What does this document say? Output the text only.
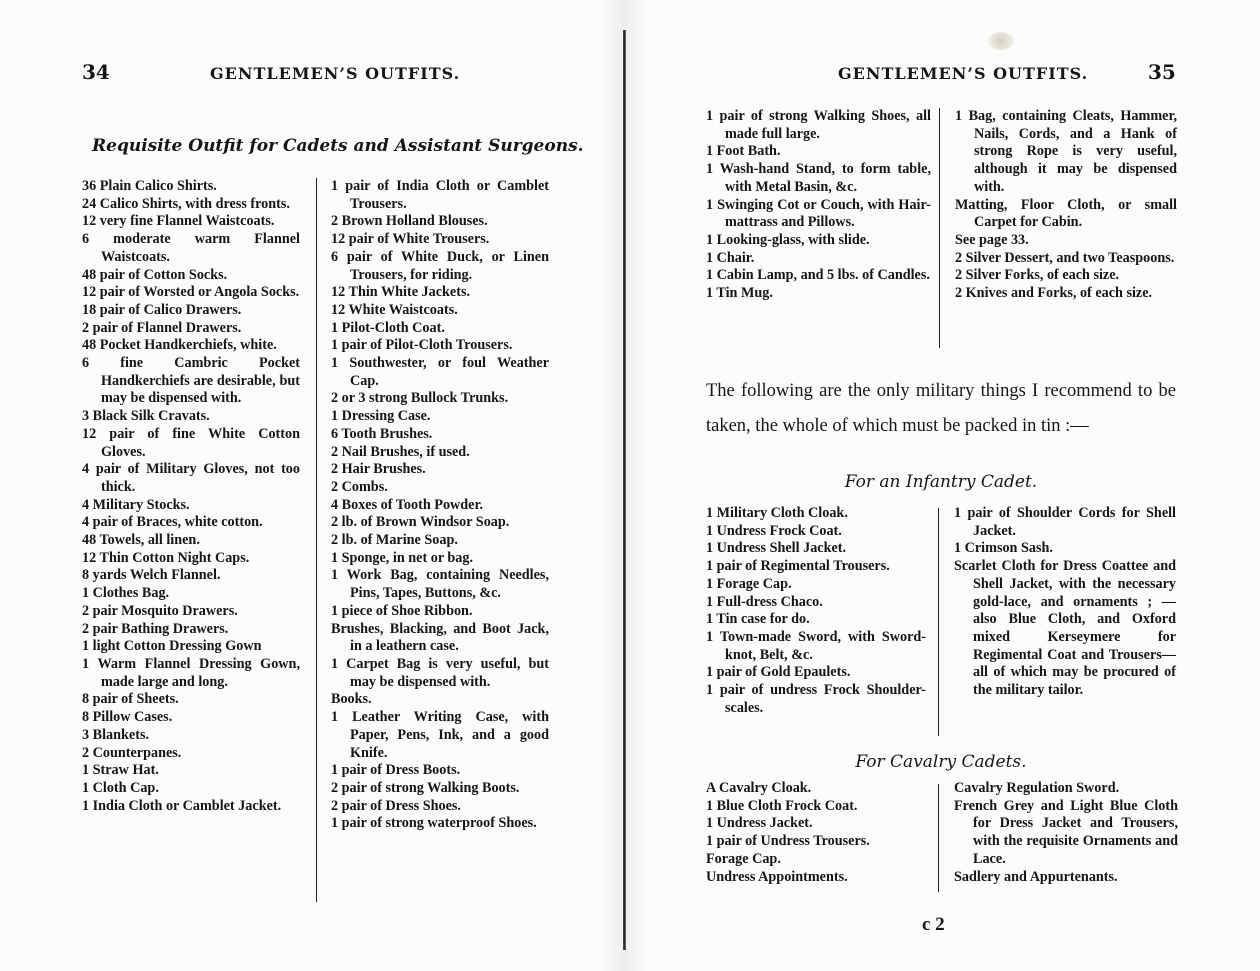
34	GENTLEMEN’S OUTFITS.
Requisite Outfit for Cadets and Assistant Surgeons.
36 Plain Calico Shirts.
24 Calico Shirts, with dress fronts.
12 very fine Flannel Waistcoats.
6 moderate warm Flannel Waistcoats.
48 pair of Cotton Socks.
12 pair of Worsted or Angola Socks.
18 pair of Calico Drawers.
2 pair of Flannel Drawers.
48 Pocket Handkerchiefs, white.
6 fine Cambric Pocket Handkerchiefs are desirable, but may be dispensed with.
3 Black Silk Cravats.
12 pair of fine White Cotton Gloves.
4 pair of Military Gloves, not too thick.
4 Military Stocks.
4 pair of Braces, white cotton.
48 Towels, all linen.
12 Thin Cotton Night Caps.
8 yards Welch Flannel.
1 Clothes Bag.
2 pair Mosquito Drawers.
2 pair Bathing Drawers.
1 light Cotton Dressing Gown
1 Warm Flannel Dressing Gown, made large and long.
8 pair of Sheets.
8 Pillow Cases.
3 Blankets.
2 Counterpanes.
1 Straw Hat.
1 Cloth Cap.
1 India Cloth or Camblet Jacket.
1 pair of India Cloth or Camblet Trousers.
2 Brown Holland Blouses.
12 pair of White Trousers.
6 pair of White Duck, or Linen Trousers, for riding.
12 Thin White Jackets.
12 White Waistcoats.
1 Pilot-Cloth Coat.
1 pair of Pilot-Cloth Trousers.
1 Southwester, or foul Weather Cap.
2 or 3 strong Bullock Trunks.
1 Dressing Case.
6 Tooth Brushes.
2 Nail Brushes, if used.
2 Hair Brushes.
2 Combs.
4 Boxes of Tooth Powder.
2 lb. of Brown Windsor Soap.
2 lb. of Marine Soap.
1 Sponge, in net or bag.
1 Work Bag, containing Needles, Pins, Tapes, Buttons, &c.
1 piece of Shoe Ribbon.
Brushes, Blacking, and Boot Jack, in a leathern case.
1 Carpet Bag is very useful, but may be dispensed with.
Books.
1 Leather Writing Case, with Paper, Pens, Ink, and a good Knife.
1 pair of Dress Boots.
2 pair of strong Walking Boots.
2 pair of Dress Shoes.
1 pair of strong waterproof Shoes.
GENTLEMEN’S OUTFITS.	35
1 pair of strong Walking Shoes, all made full large.
1 Foot Bath.
1 Wash-hand Stand, to form table, with Metal Basin, &c.
1 Swinging Cot or Couch, with Hair-mattrass and Pillows.
1 Looking-glass, with slide.
1 Chair.
1 Cabin Lamp, and 5 lbs. of Candles.
1 Tin Mug.
1 Bag, containing Cleats, Hammer, Nails, Cords, and a Hank of strong Rope is very useful, although it may be dispensed with.
Matting, Floor Cloth, or small Carpet for Cabin.
See page 33.
2 Silver Dessert, and two Teaspoons.
2 Silver Forks, of each size.
2 Knives and Forks, of each size.
The following are the only military things I recommend to be taken, the whole of which must be packed in tin :—
For an Infantry Cadet.
1 Military Cloth Cloak.
1 Undress Frock Coat.
1 Undress Shell Jacket.
1 pair of Regimental Trousers.
1 Forage Cap.
1 Full-dress Chaco.
1 Tin case for do.
1 Town-made Sword, with Sword-knot, Belt, &c.
1 pair of Gold Epaulets.
1 pair of undress Frock Shoulder-scales.
1 pair of Shoulder Cords for Shell Jacket.
1 Crimson Sash.
Scarlet Cloth for Dress Coattee and Shell Jacket, with the necessary gold-lace, and ornaments ; — also Blue Cloth, and Oxford mixed Kerseymere for Regimental Coat and Trousers—all of which may be procured of the military tailor.
For Cavalry Cadets.
A Cavalry Cloak.
1 Blue Cloth Frock Coat.
1 Undress Jacket.
1 pair of Undress Trousers.
Forage Cap.
Undress Appointments.
Cavalry Regulation Sword.
French Grey and Light Blue Cloth for Dress Jacket and Trousers, with the requisite Ornaments and Lace.
Sadlery and Appurtenants.
c 2
